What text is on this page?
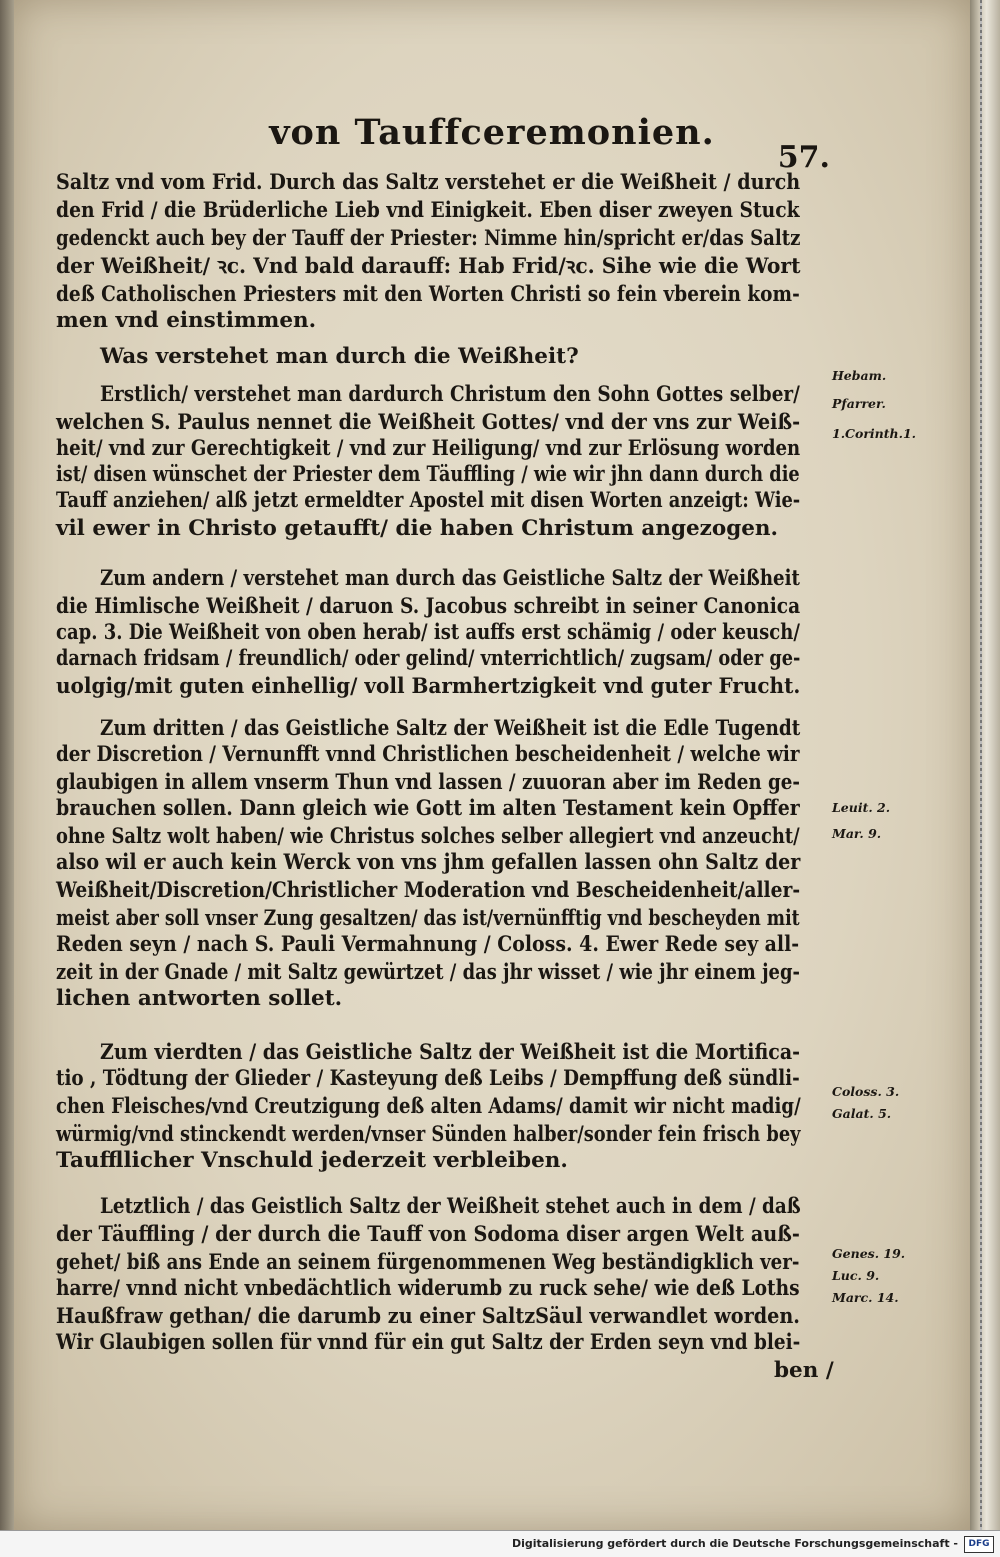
von Tauffceremonien.
57.
Saltz vnd vom Frid. Durch das Saltz verstehet er die Weißheit / durch
den Frid / die Brüderliche Lieb vnd Einigkeit. Eben diser zweyen Stuck
gedenckt auch bey der Tauff der Priester: Nimme hin/spricht er/das Saltz
der Weißheit/ ꝛc. Vnd bald darauff: Hab Frid/ꝛc. Sihe wie die Wort
deß Catholischen Priesters mit den Worten Christi so fein vberein kom-
men vnd einstimmen.
Was verstehet man durch die Weißheit?
Erstlich/ verstehet man dardurch Christum den Sohn Gottes selber/
welchen S. Paulus nennet die Weißheit Gottes/ vnd der vns zur Weiß-
heit/ vnd zur Gerechtigkeit / vnd zur Heiligung/ vnd zur Erlösung worden
ist/ disen wünschet der Priester dem Täuffling / wie wir jhn dann durch die
Tauff anziehen/ alß jetzt ermeldter Apostel mit disen Worten anzeigt: Wie-
vil ewer in Christo getaufft/ die haben Christum angezogen.
Zum andern / verstehet man durch das Geistliche Saltz der Weißheit
die Himlische Weißheit / daruon S. Jacobus schreibt in seiner Canonica
cap. 3. Die Weißheit von oben herab/ ist auffs erst schämig / oder keusch/
darnach fridsam / freundlich/ oder gelind/ vnterrichtlich/ zugsam/ oder ge-
uolgig/mit guten einhellig/ voll Barmhertzigkeit vnd guter Frucht.
Zum dritten / das Geistliche Saltz der Weißheit ist die Edle Tugendt
der Discretion / Vernunfft vnnd Christlichen bescheidenheit / welche wir
glaubigen in allem vnserm Thun vnd lassen / zuuoran aber im Reden ge-
brauchen sollen. Dann gleich wie Gott im alten Testament kein Opffer
ohne Saltz wolt haben/ wie Christus solches selber allegiert vnd anzeucht/
also wil er auch kein Werck von vns jhm gefallen lassen ohn Saltz der
Weißheit/Discretion/Christlicher Moderation vnd Bescheidenheit/aller-
meist aber soll vnser Zung gesaltzen/ das ist/vernünfftig vnd bescheyden mit
Reden seyn / nach S. Pauli Vermahnung / Coloss. 4. Ewer Rede sey all-
zeit in der Gnade / mit Saltz gewürtzet / das jhr wisset / wie jhr einem jeg-
lichen antworten sollet.
Zum vierdten / das Geistliche Saltz der Weißheit ist die Mortifica-
tio , Tödtung der Glieder / Kasteyung deß Leibs / Dempffung deß sündli-
chen Fleisches/vnd Creutzigung deß alten Adams/ damit wir nicht madig/
würmig/vnd stinckendt werden/vnser Sünden halber/sonder fein frisch bey
Tauffllicher Vnschuld jederzeit verbleiben.
Letztlich / das Geistlich Saltz der Weißheit stehet auch in dem / daß
der Täuffling / der durch die Tauff von Sodoma diser argen Welt auß-
gehet/ biß ans Ende an seinem fürgenommenen Weg beständigklich ver-
harre/ vnnd nicht vnbedächtlich widerumb zu ruck sehe/ wie deß Loths
Haußfraw gethan/ die darumb zu einer SaltzSäul verwandlet worden.
Wir Glaubigen sollen für vnnd für ein gut Saltz der Erden seyn vnd blei-
ben /
Hebam.
Pfarrer.
1.Corinth.1.
Leuit. 2.
Mar. 9.
Coloss. 3.
Galat. 5.
Genes. 19.
Luc. 9.
Marc. 14.
Digitalisierung gefördert durch die Deutsche Forschungsgemeinschaft -	DFG
